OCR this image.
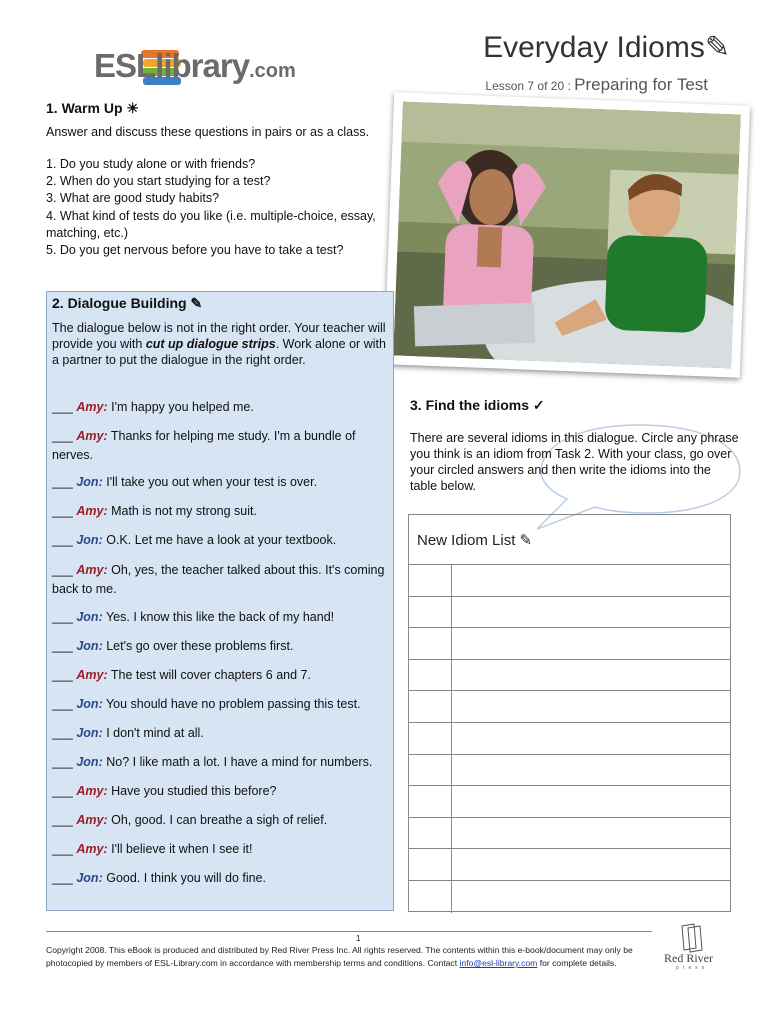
ESLlibrary.com
Everyday Idioms✎
Lesson 7 of 20 : Preparing for Test
1. Warm Up ☀
Answer and discuss these questions in pairs or as a class.
1. Do you study alone or with friends?
2. When do you start studying for a test?
3. What are good study habits?
4. What kind of tests do you like (i.e. multiple-choice, essay, matching, etc.)
5. Do you get nervous before you have to take a test?
2. Dialogue Building ✎
The dialogue below is not in the right order. Your teacher will provide you with cut up dialogue strips. Work alone or with a partner to put the dialogue in the right order.
___ Amy: I'm happy you helped me.
___ Amy: Thanks for helping me study. I'm a bundle of nerves.
___ Jon: I'll take you out when your test is over.
___ Amy: Math is not my strong suit.
___ Jon: O.K. Let me have a look at your textbook.
___ Amy: Oh, yes, the teacher talked about this. It's coming back to me.
___ Jon: Yes. I know this like the back of my hand!
___ Jon: Let's go over these problems first.
___ Amy: The test will cover chapters 6 and 7.
___ Jon: You should have no problem passing this test.
___ Jon: I don't mind at all.
___ Jon: No? I like math a lot. I have a mind for numbers.
___ Amy: Have you studied this before?
___ Amy: Oh, good. I can breathe a sigh of relief.
___ Amy: I'll believe it when I see it!
___ Jon: Good. I think you will do fine.
3. Find the idioms ✓
There are several idioms in this dialogue. Circle any phrase you think is an idiom from Task 2. With your class, go over your circled answers and then write the idioms into the table below.
New Idiom List ✎
1
Copyright 2008. This eBook is produced and distributed by Red River Press Inc. All rights reserved. The contents within this e-book/document may only be photocopied by members of ESL-Library.com in accordance with membership terms and conditions. Contact info@esl-library.com for complete details.	Red River
press
